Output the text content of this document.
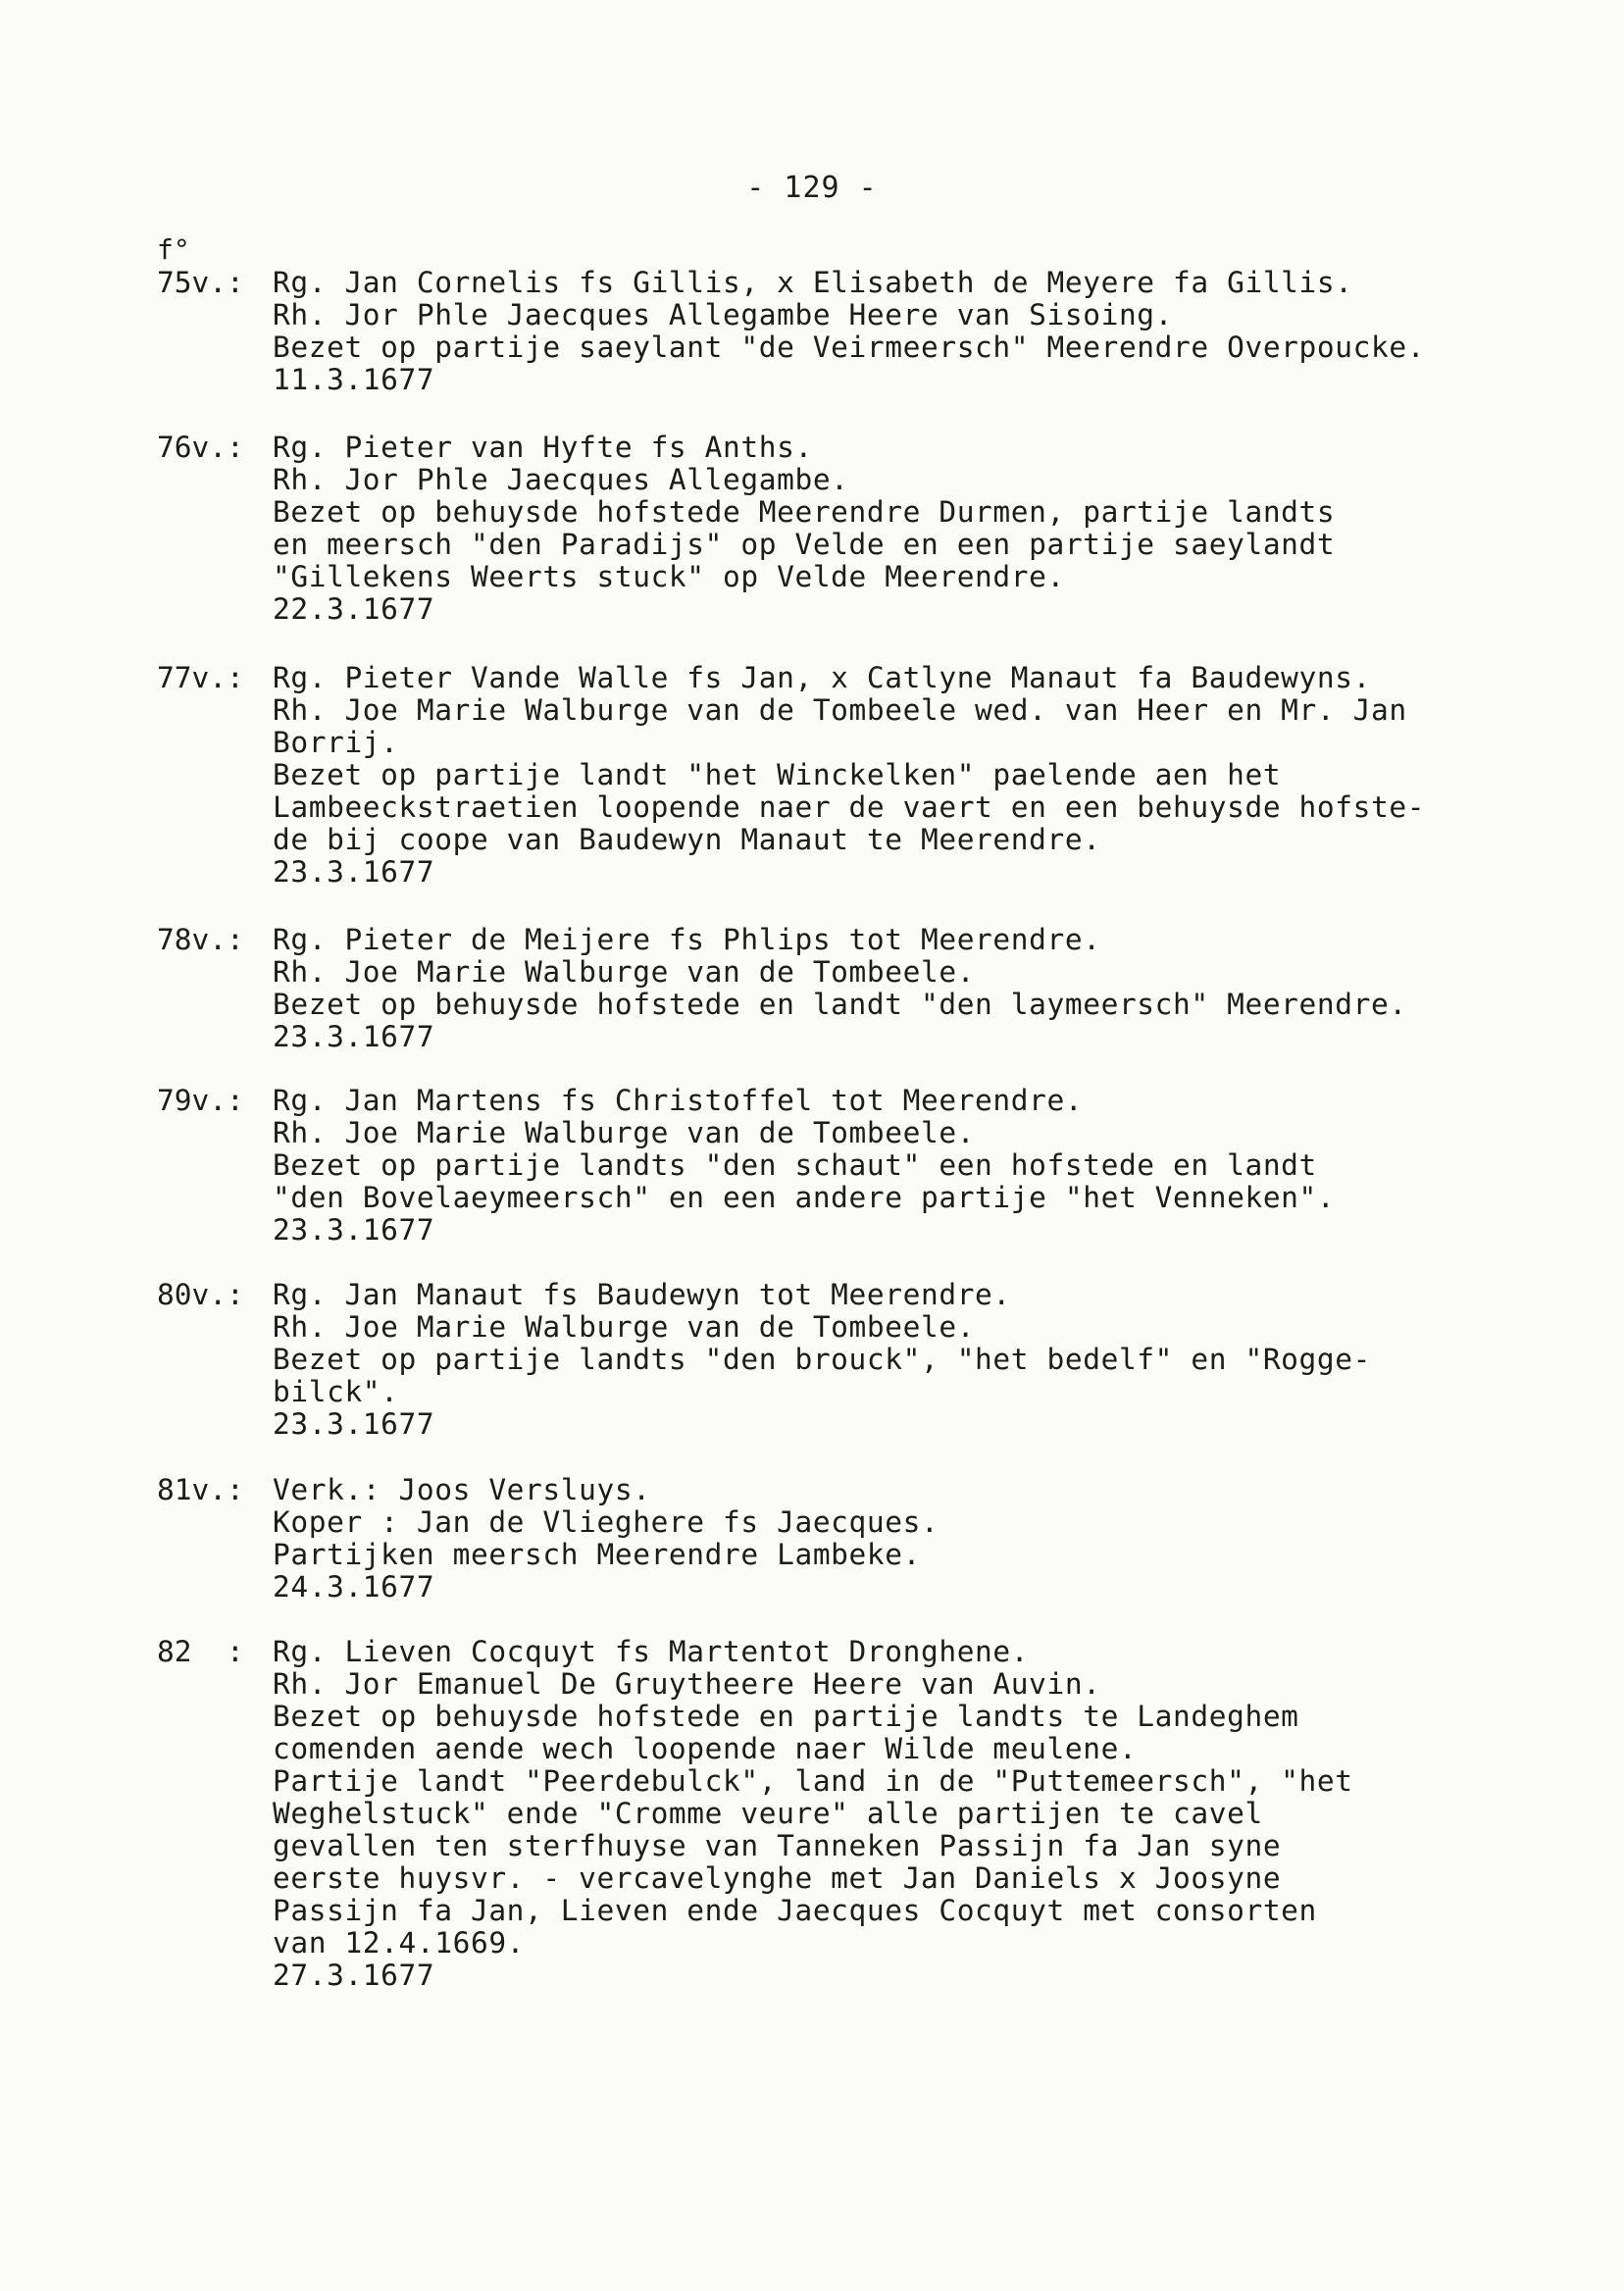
- 129 -
f°
75v.: Rg. Jan Cornelis fs Gillis, x Elisabeth de Meyere fa Gillis.
Rh. Jor Phle Jaecques Allegambe Heere van Sisoing.
Bezet op partije saeylant "de Veirmeersch" Meerendre Overpoucke.
11.3.1677
76v.: Rg. Pieter van Hyfte fs Anths.
Rh. Jor Phle Jaecques Allegambe.
Bezet op behuysde hofstede Meerendre Durmen, partije landts
en meersch "den Paradijs" op Velde en een partije saeylandt
"Gillekens Weerts stuck" op Velde Meerendre.
22.3.1677
77v.: Rg. Pieter Vande Walle fs Jan, x Catlyne Manaut fa Baudewyns.
Rh. Joe Marie Walburge van de Tombeele wed. van Heer en Mr. Jan
Borrij.
Bezet op partije landt "het Winckelken" paelende aen het
Lambeeckstraetien loopende naer de vaert en een behuysde hofste-
de bij coope van Baudewyn Manaut te Meerendre.
23.3.1677
78v.: Rg. Pieter de Meijere fs Phlips tot Meerendre.
Rh. Joe Marie Walburge van de Tombeele.
Bezet op behuysde hofstede en landt "den laymeersch" Meerendre.
23.3.1677
79v.: Rg. Jan Martens fs Christoffel tot Meerendre.
Rh. Joe Marie Walburge van de Tombeele.
Bezet op partije landts "den schaut" een hofstede en landt
"den Bovelaeymeersch" en een andere partije "het Venneken".
23.3.1677
80v.: Rg. Jan Manaut fs Baudewyn tot Meerendre.
Rh. Joe Marie Walburge van de Tombeele.
Bezet op partije landts "den brouck", "het bedelf" en "Rogge-
bilck".
23.3.1677
81v.: Verk.: Joos Versluys.
Koper : Jan de Vlieghere fs Jaecques.
Partijken meersch Meerendre Lambeke.
24.3.1677
82  : Rg. Lieven Cocquyt fs Martentot Dronghene.
Rh. Jor Emanuel De Gruytheere Heere van Auvin.
Bezet op behuysde hofstede en partije landts te Landeghem
comenden aende wech loopende naer Wilde meulene.
Partije landt "Peerdebulck", land in de "Puttemeersch", "het
Weghelstuck" ende "Cromme veure" alle partijen te cavel
gevallen ten sterfhuyse van Tanneken Passijn fa Jan syne
eerste huysvr. - vercavelynghe met Jan Daniels x Joosyne
Passijn fa Jan, Lieven ende Jaecques Cocquyt met consorten
van 12.4.1669.
27.3.1677
